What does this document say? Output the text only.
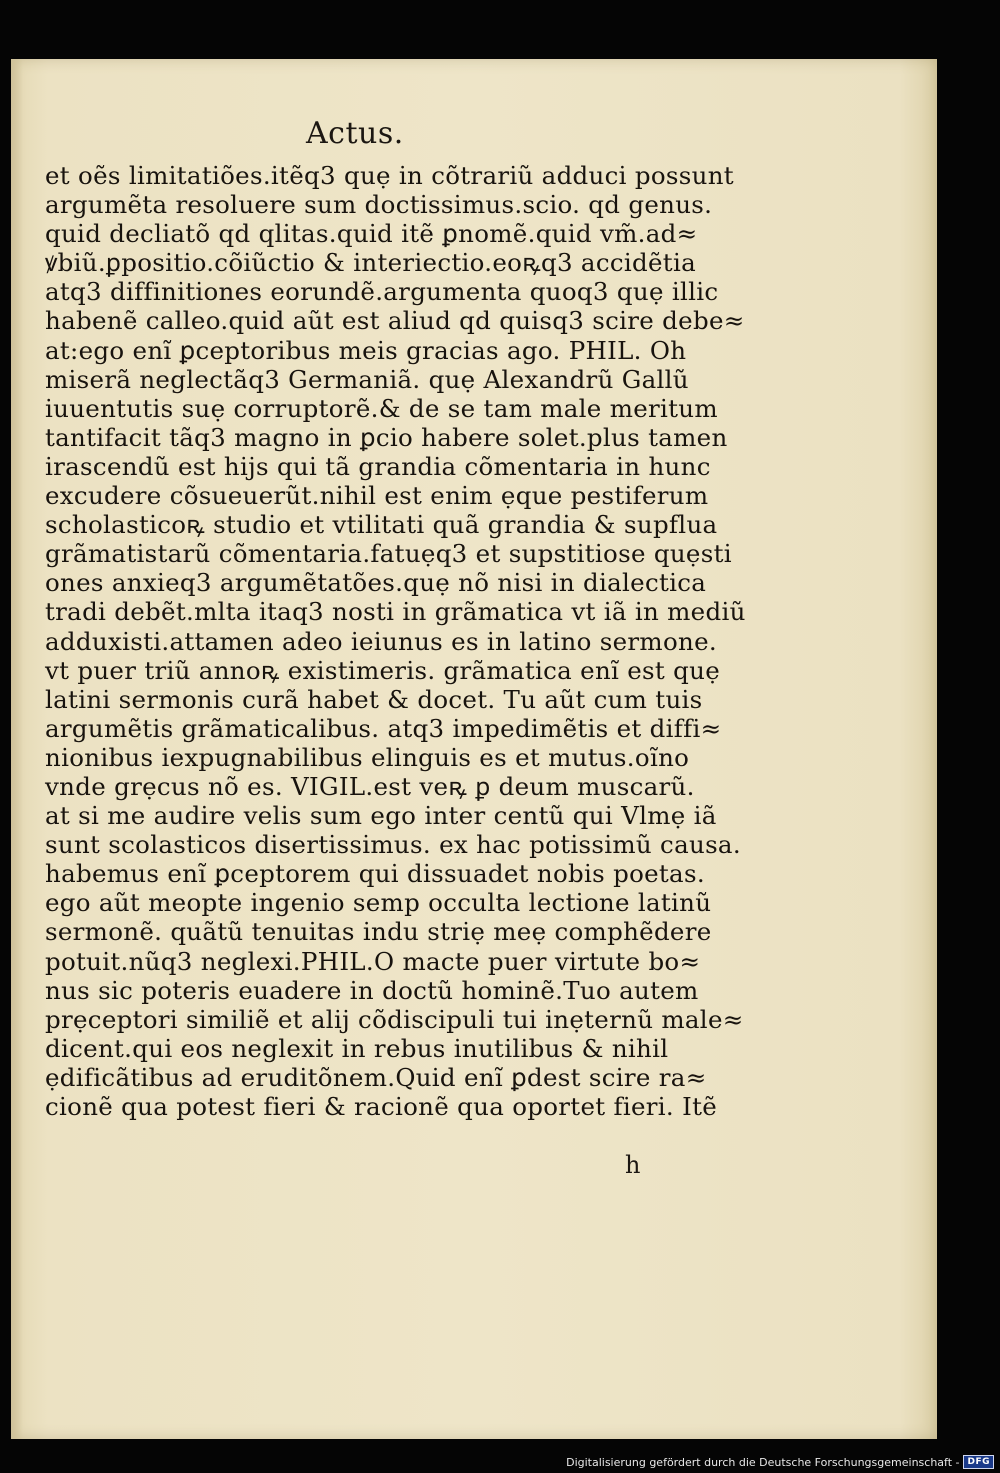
Actus.
et oẽs limitatiões.itẽq3 quẹ in cõtrariũ adduci possunt
argumẽta resoluere sum doctissimus.scio. qd genus.
quid decliatõ qd qlitas.quid itẽ ꝑnomẽ.quid vm̃.ad≈
ꝟbiũ.ꝑpositio.cõiũctio & interiectio.eoꝶq3 accidẽtia
atq3 diffinitiones eorundẽ.argumenta quoq3 quẹ illic
habenẽ calleo.quid aũt est aliud qd quisq3 scire debe≈
at:ego enĩ ꝑceptoribus meis gracias ago. PHIL. Oh
miserã neglectãq3 Germaniã. quẹ Alexandrũ Gallũ
iuuentutis suẹ corruptorẽ.& de se tam male meritum
tantifacit tãq3 magno in ꝑcio habere solet.plus tamen
irascendũ est hijs qui tã grandia cõmentaria in hunc
excudere cõsueuerũt.nihil est enim ẹque pestiferum
scholasticoꝶ studio et vtilitati quã grandia & supflua
grãmatistarũ cõmentaria.fatuẹq3 et supstitiose quẹsti
ones anxieq3 argumẽtatões.quẹ nõ nisi in dialectica
tradi debẽt.mlta itaq3 nosti in grãmatica vt iã in mediũ
adduxisti.attamen adeo ieiunus es in latino sermone.
vt puer triũ annoꝶ existimeris. grãmatica enĩ est quẹ
latini sermonis curã habet & docet. Tu aũt cum tuis
argumẽtis grãmaticalibus. atq3 impedimẽtis et diffi≈
nionibus iexpugnabilibus elinguis es et mutus.oĩno
vnde grẹcus nõ es. VIGIL.est veꝶ ꝑ deum muscarũ.
at si me audire velis sum ego inter centũ qui Vlmẹ iã
sunt scolasticos disertissimus. ex hac potissimũ causa.
habemus enĩ ꝑceptorem qui dissuadet nobis poetas.
ego aũt meopte ingenio semp occulta lectione latinũ
sermonẽ. quãtũ tenuitas indu striẹ meẹ comphẽdere
potuit.nũq3 neglexi.PHIL.O macte puer virtute bo≈
nus sic poteris euadere in doctũ hominẽ.Tuo autem
prẹceptori similiẽ et alij cõdiscipuli tui inẹternũ male≈
dicent.qui eos neglexit in rebus inutilibus & nihil
ẹdificãtibus ad eruditõnem.Quid enĩ ꝑdest scire ra≈
cionẽ qua potest fieri & racionẽ qua oportet fieri. Itẽ
h
Digitalisierung gefördert durch die Deutsche Forschungsgemeinschaft - DFG
